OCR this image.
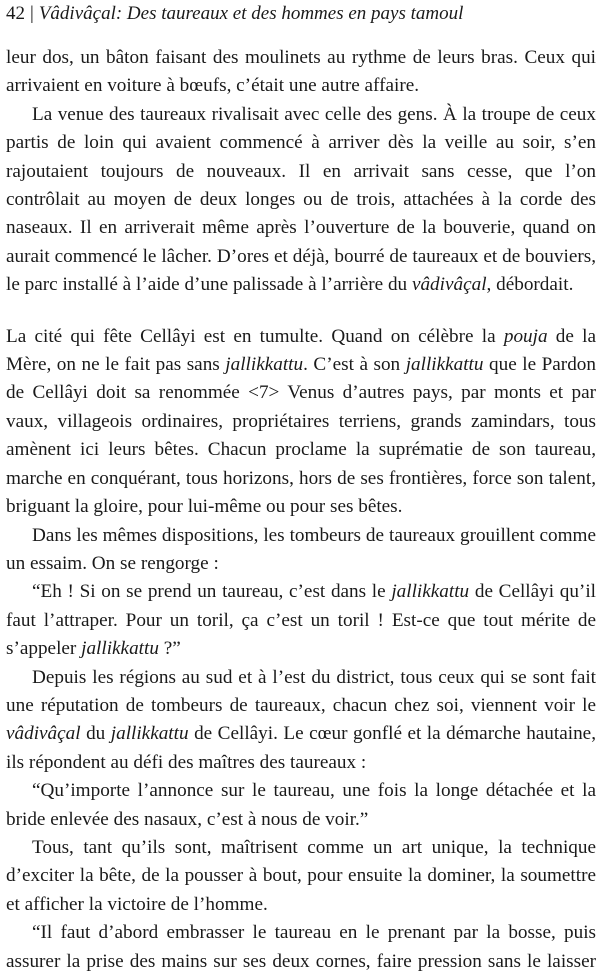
42 | Vâdivâçal: Des taureaux et des hommes en pays tamoul

leur dos, un bâton faisant des moulinets au rythme de leurs bras. Ceux qui arrivaient en voiture à bœufs, c’était une autre affaire.

La venue des taureaux rivalisait avec celle des gens. À la troupe de ceux partis de loin qui avaient commencé à arriver dès la veille au soir, s’en rajoutaient toujours de nouveaux. Il en arrivait sans cesse, que l’on contrôlait au moyen de deux longes ou de trois, attachées à la corde des naseaux. Il en arriverait même après l’ouverture de la bouverie, quand on aurait commencé le lâcher. D’ores et déjà, bourré de taureaux et de bouviers, le parc installé à l’aide d’une palissade à l’arrière du vâdivâçal, débordait.

La cité qui fête Cellâyi est en tumulte. Quand on célèbre la pouja de la Mère, on ne le fait pas sans jallikkattu. C’est à son jallikkattu que le Pardon de Cellâyi doit sa renommée <7> Venus d’autres pays, par monts et par vaux, villageois ordinaires, propriétaires terriens, grands zamindars, tous amènent ici leurs bêtes. Chacun proclame la suprématie de son taureau, marche en conquérant, tous horizons, hors de ses frontières, force son talent, briguant la gloire, pour lui-même ou pour ses bêtes.

Dans les mêmes dispositions, les tombeurs de taureaux grouillent comme un essaim. On se rengorge :

“Eh ! Si on se prend un taureau, c’est dans le jallikkattu de Cellâyi qu’il faut l’attraper. Pour un toril, ça c’est un toril ! Est-ce que tout mérite de s’appeler jallikkattu ?”

Depuis les régions au sud et à l’est du district, tous ceux qui se sont fait une réputation de tombeurs de taureaux, chacun chez soi, viennent voir le vâdivâçal du jallikkattu de Cellâyi. Le cœur gonflé et la démarche hautaine, ils répondent au défi des maîtres des taureaux :

“Qu’importe l’annonce sur le taureau, une fois la longe détachée et la bride enlevée des nasaux, c’est à nous de voir.”

Tous, tant qu’ils sont, maîtrisent comme un art unique, la technique d’exciter la bête, de la pousser à bout, pour ensuite la dominer, la soumettre et afficher la victoire de l’homme.

“Il faut d’abord embrasser le taureau en le prenant par la bosse, puis assurer la prise des mains sur ses deux cornes, faire pression sans le laisser
